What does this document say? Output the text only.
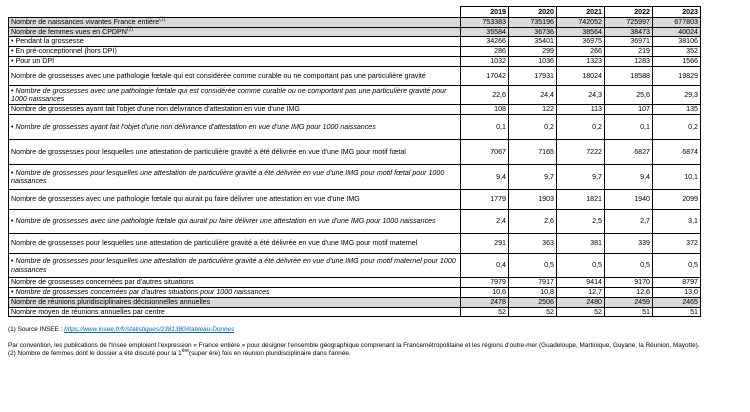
	2019	2020	2021	2022	2023
Nombre de naissances vivantes France entière$^{(1)}$	753383	735196	742052	725997	677803
Nombre de femmes vues en CPDPN$^{(2)}$	35584	36736	38564	38473	40024
• Pendant la grossesse	34266	35401	36975	36971	38106
• En pré-conceptionnel (hors DPI)	286	299	266	219	352
• Pour un DPI	1032	1036	1323	1283	1566
Nombre de grossesses avec une pathologie fœtale qui est considérée comme curable ou ne comportant pas une particulière gravité	17042	17931	18024	18588	19829
• Nombre de grossesses avec une pathologie fœtale qui est considérée comme curable ou ne comportant pas une particulière gravité pour 1000 naissances	22,6	24,4	24,3	25,6	29,3
Nombre de grossesses ayant fait l'objet d'une non délivrance d'attestation en vue d'une IMG	108	122	113	107	135
• Nombre de grossesses ayant fait l'objet d'une non délivrance d'attestation en vue d'une IMG pour 1000 naissances	0,1	0,2	0,2	0,1	0,2
Nombre de grossesses pour lesquelles une attestation de particulière gravité a été délivrée en vue d'une IMG pour motif fœtal	7067	7165	7222	6827	6874
• Nombre de grossesses pour lesquelles une attestation de particulière gravité a été délivrée en vue d'une IMG pour motif fœtal pour 1000 naissances	9,4	9,7	9,7	9,4	10,1
Nombre de grossesses avec une pathologie fœtale qui aurait pu faire délivrer une attestation en vue d'une IMG	1779	1903	1821	1940	2099
• Nombre de grossesses avec une pathologie fœtale qui aurait pu faire délivrer une attestation en vue d'une IMG pour 1000 naissances	2,4	2,6	2,5	2,7	3,1
Nombre de grossesses pour lesquelles une attestation de particulière gravité a été délivrée en vue d'une IMG pour motif maternel	291	363	381	339	372
• Nombre de grossesses pour lesquelles une attestation de particulière gravité a été délivrée en vue d'une IMG pour motif maternel pour 1000 naissances	0,4	0,5	0,5	0,5	0,5
Nombre de grossesses concernées par d'autres situations	7979	7917	9414	9170	8797
• Nombre de grossesses concernées par d'autres situations pour 1000 naissances	10,6	10,8	12,7	12,6	13,0
Nombre de réunions pluridisciplinaires décisionnelles annuelles	2478	2506	2480	2459	2465
Nombre moyen de réunions annuelles par centre	52	52	52	51	51
(1) Source INSEE : https://www.insee.fr/fr/statistiques/2381380#tableau-Donnes
Par convention, les publications de l'Insee emploient l'expression « France entière » pour désigner l'ensemble géographique comprenant la Francemétropolitaine et les régions d'outre-mer (Guadeloupe, Martinique, Guyane, la Réunion, Mayotte).
(2) Nombre de femmes dont le dossier a été discuté pour la 1ère(super ère) fois en réunion pluridisciplinaire dans l'année.
